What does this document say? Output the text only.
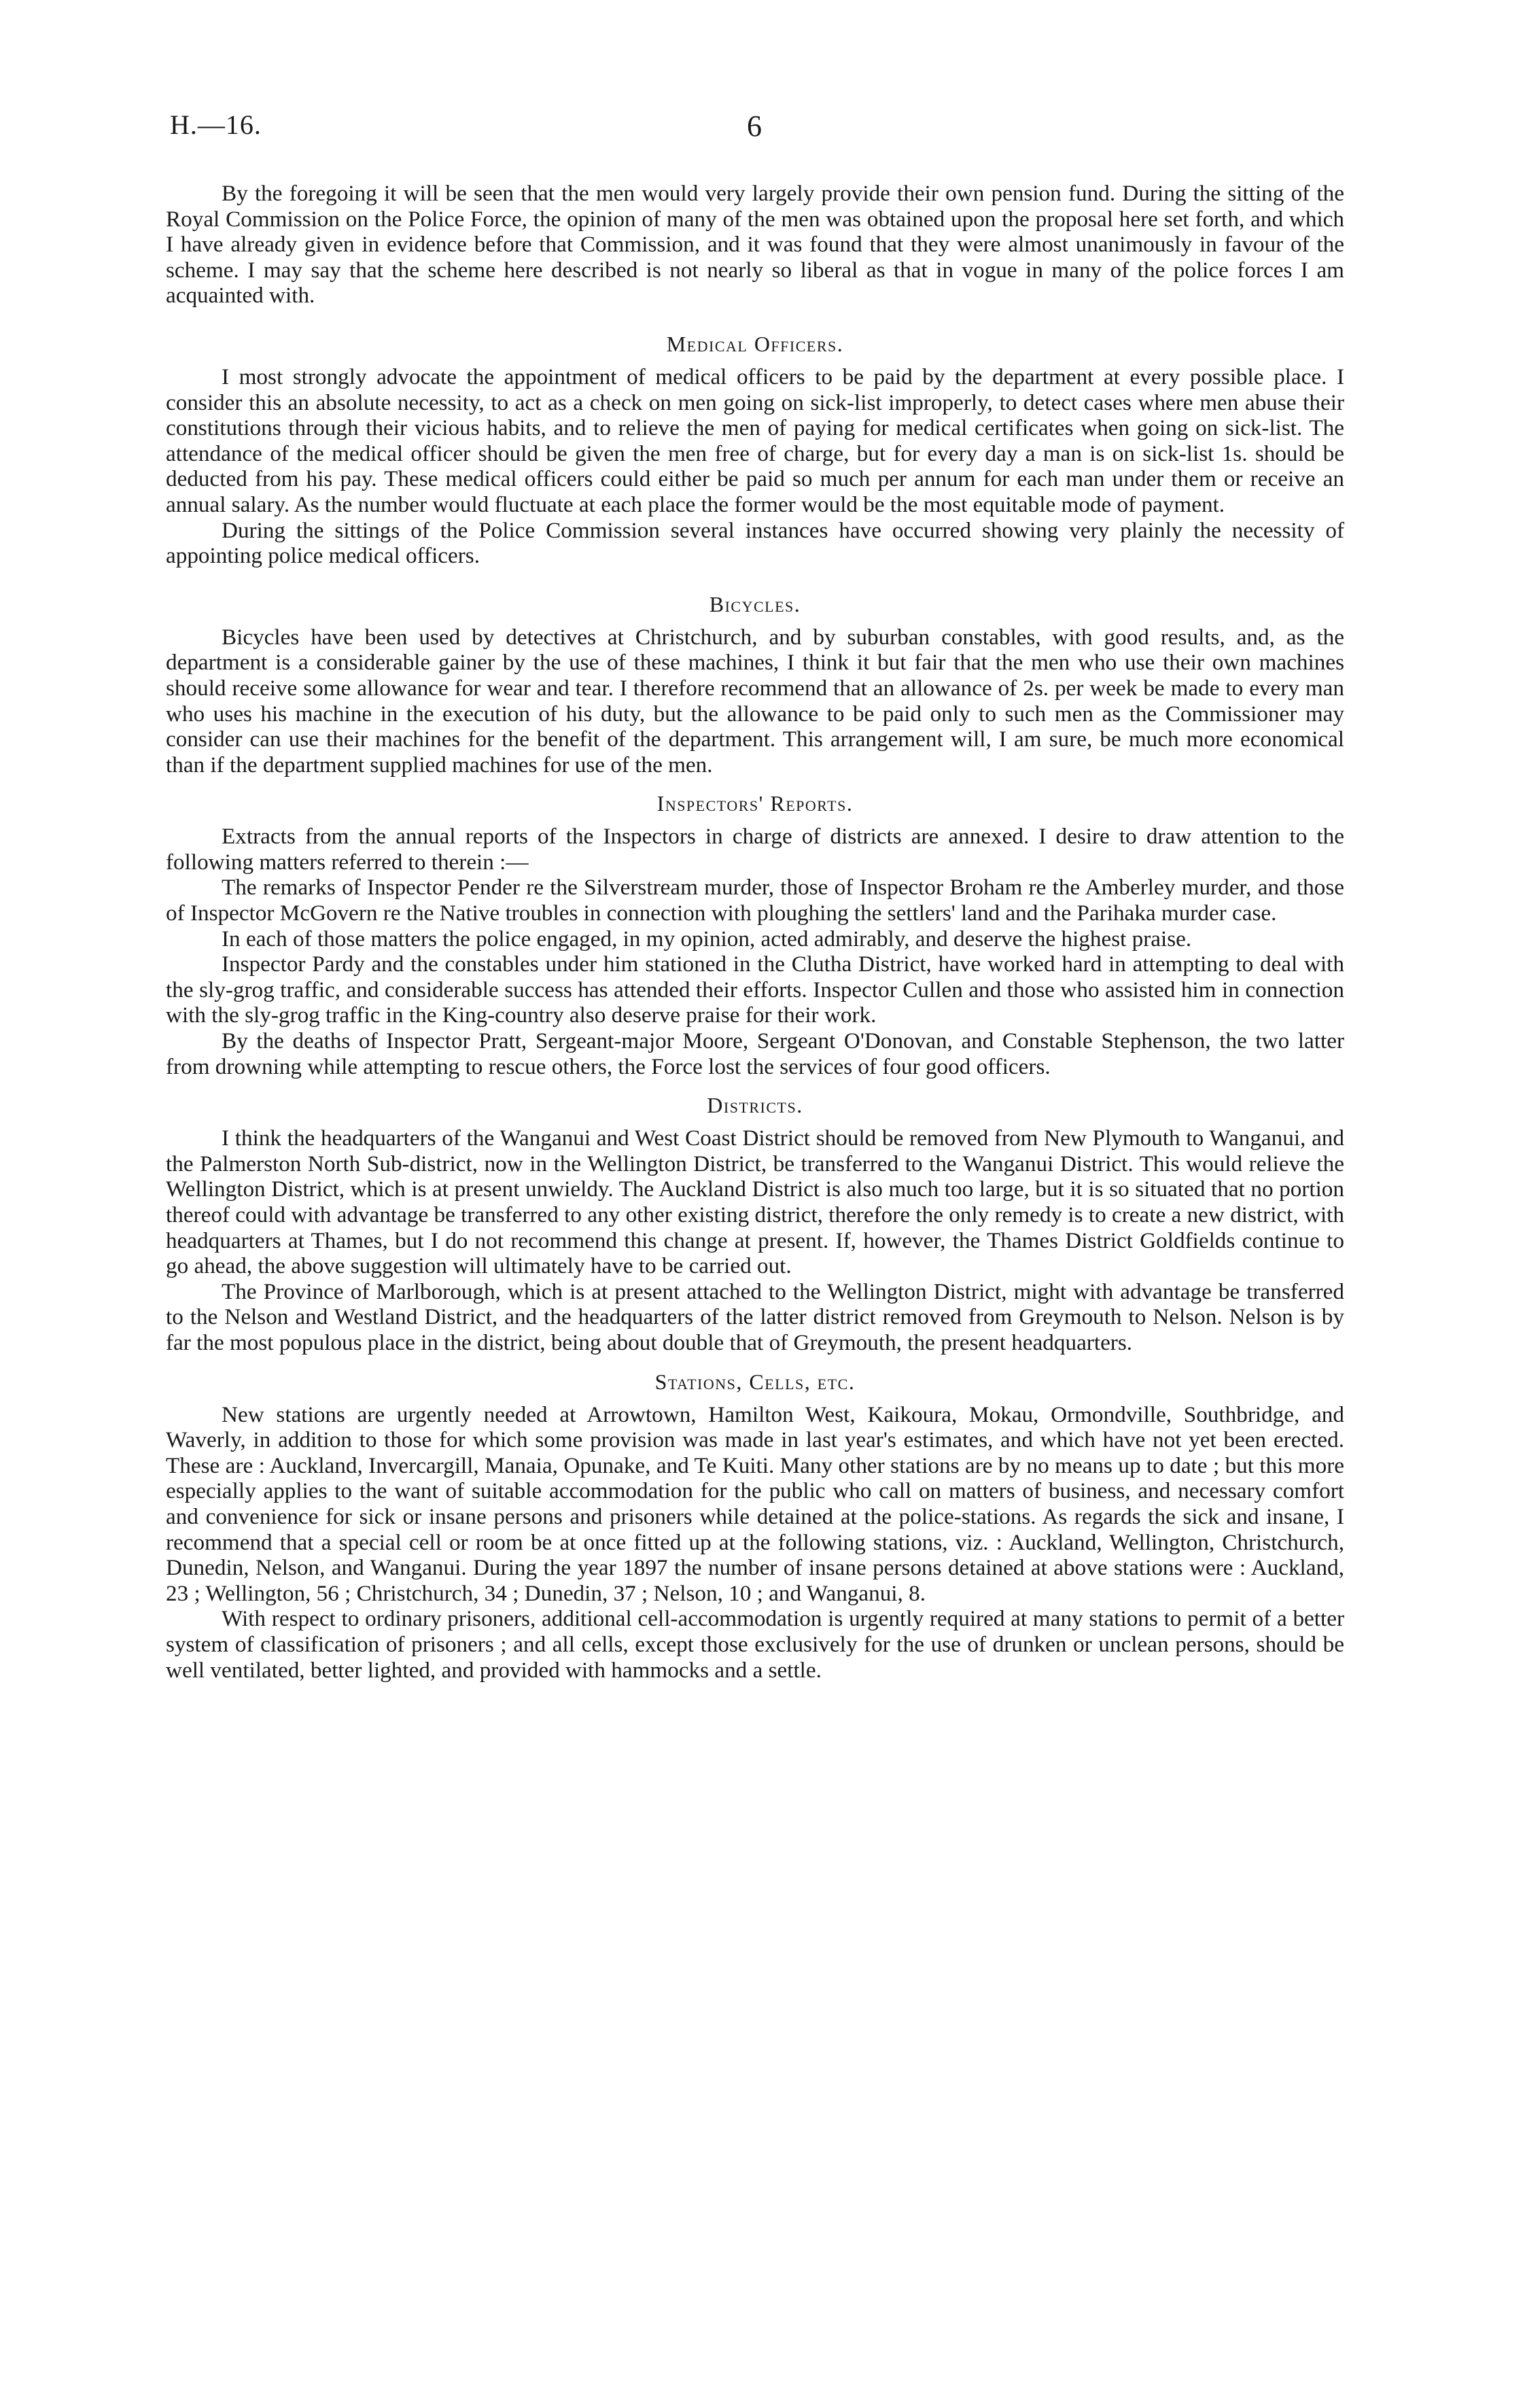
H.—16.	6

By the foregoing it will be seen that the men would very largely provide their own pension fund. During the sitting of the Royal Commission on the Police Force, the opinion of many of the men was obtained upon the proposal here set forth, and which I have already given in evidence before that Commission, and it was found that they were almost unanimously in favour of the scheme. I may say that the scheme here described is not nearly so liberal as that in vogue in many of the police forces I am acquainted with.

Medical Officers.

I most strongly advocate the appointment of medical officers to be paid by the department at every possible place. I consider this an absolute necessity, to act as a check on men going on sick-list improperly, to detect cases where men abuse their constitutions through their vicious habits, and to relieve the men of paying for medical certificates when going on sick-list. The attendance of the medical officer should be given the men free of charge, but for every day a man is on sick-list 1s. should be deducted from his pay. These medical officers could either be paid so much per annum for each man under them or receive an annual salary. As the number would fluctuate at each place the former would be the most equitable mode of payment.

During the sittings of the Police Commission several instances have occurred showing very plainly the necessity of appointing police medical officers.

Bicycles.

Bicycles have been used by detectives at Christchurch, and by suburban constables, with good results, and, as the department is a considerable gainer by the use of these machines, I think it but fair that the men who use their own machines should receive some allowance for wear and tear. I therefore recommend that an allowance of 2s. per week be made to every man who uses his machine in the execution of his duty, but the allowance to be paid only to such men as the Commissioner may consider can use their machines for the benefit of the department. This arrangement will, I am sure, be much more economical than if the department supplied machines for use of the men.

Inspectors' Reports.

Extracts from the annual reports of the Inspectors in charge of districts are annexed. I desire to draw attention to the following matters referred to therein :—

The remarks of Inspector Pender re the Silverstream murder, those of Inspector Broham re the Amberley murder, and those of Inspector McGovern re the Native troubles in connection with ploughing the settlers' land and the Parihaka murder case.

In each of those matters the police engaged, in my opinion, acted admirably, and deserve the highest praise.

Inspector Pardy and the constables under him stationed in the Clutha District, have worked hard in attempting to deal with the sly-grog traffic, and considerable success has attended their efforts. Inspector Cullen and those who assisted him in connection with the sly-grog traffic in the King-country also deserve praise for their work.

By the deaths of Inspector Pratt, Sergeant-major Moore, Sergeant O'Donovan, and Constable Stephenson, the two latter from drowning while attempting to rescue others, the Force lost the services of four good officers.

Districts.

I think the headquarters of the Wanganui and West Coast District should be removed from New Plymouth to Wanganui, and the Palmerston North Sub-district, now in the Wellington District, be transferred to the Wanganui District. This would relieve the Wellington District, which is at present unwieldy. The Auckland District is also much too large, but it is so situated that no portion thereof could with advantage be transferred to any other existing district, therefore the only remedy is to create a new district, with headquarters at Thames, but I do not recommend this change at present. If, however, the Thames District Goldfields continue to go ahead, the above suggestion will ultimately have to be carried out.

The Province of Marlborough, which is at present attached to the Wellington District, might with advantage be transferred to the Nelson and Westland District, and the headquarters of the latter district removed from Greymouth to Nelson. Nelson is by far the most populous place in the district, being about double that of Greymouth, the present headquarters.

Stations, Cells, etc.

New stations are urgently needed at Arrowtown, Hamilton West, Kaikoura, Mokau, Ormondville, Southbridge, and Waverly, in addition to those for which some provision was made in last year's estimates, and which have not yet been erected. These are : Auckland, Invercargill, Manaia, Opunake, and Te Kuiti. Many other stations are by no means up to date ; but this more especially applies to the want of suitable accommodation for the public who call on matters of business, and necessary comfort and convenience for sick or insane persons and prisoners while detained at the police-stations. As regards the sick and insane, I recommend that a special cell or room be at once fitted up at the following stations, viz. : Auckland, Wellington, Christchurch, Dunedin, Nelson, and Wanganui. During the year 1897 the number of insane persons detained at above stations were : Auckland, 23 ; Wellington, 56 ; Christchurch, 34 ; Dunedin, 37 ; Nelson, 10 ; and Wanganui, 8.

With respect to ordinary prisoners, additional cell-accommodation is urgently required at many stations to permit of a better system of classification of prisoners ; and all cells, except those exclusively for the use of drunken or unclean persons, should be well ventilated, better lighted, and provided with hammocks and a settle.
